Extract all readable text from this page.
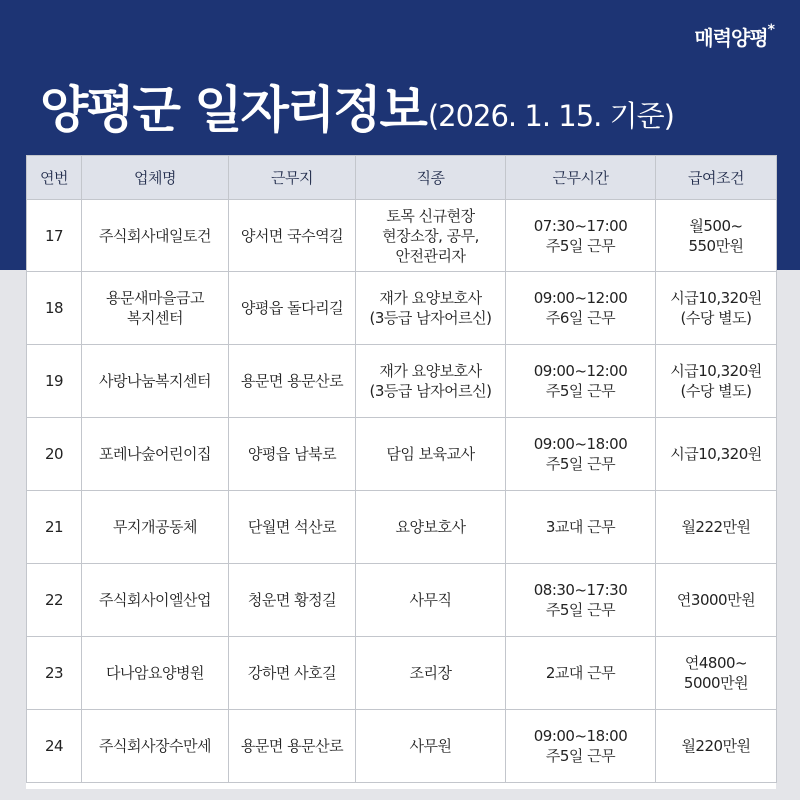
매력양평*
양평군 일자리정보 (2026. 1. 15. 기준)
연번	업체명	근무지	직종	근무시간	급여조건
17	주식회사대일토건	양서면 국수역길	토목 신규현장
현장소장, 공무,
안전관리자	07:30~17:00
주5일 근무	월500~
550만원
18	용문새마을금고
복지센터	양평읍 돌다리길	재가 요양보호사
(3등급 남자어르신)	09:00~12:00
주6일 근무	시급10,320원
(수당 별도)
19	사랑나눔복지센터	용문면 용문산로	재가 요양보호사
(3등급 남자어르신)	09:00~12:00
주5일 근무	시급10,320원
(수당 별도)
20	포레나숲어린이집	양평읍 남북로	담임 보육교사	09:00~18:00
주5일 근무	시급10,320원
21	무지개공동체	단월면 석산로	요양보호사	3교대 근무	월222만원
22	주식회사이엘산업	청운면 황정길	사무직	08:30~17:30
주5일 근무	연3000만원
23	다나암요양병원	강하면 사호길	조리장	2교대 근무	연4800~
5000만원
24	주식회사장수만세	용문면 용문산로	사무원	09:00~18:00
주5일 근무	월220만원
